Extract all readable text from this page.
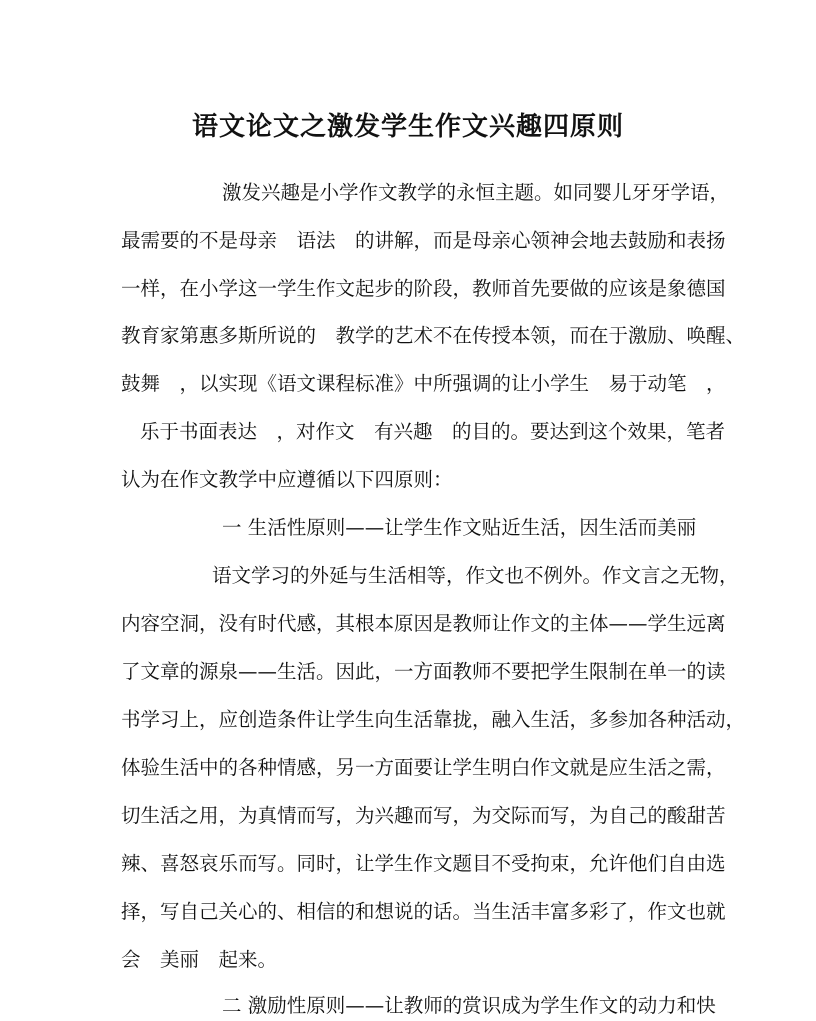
语文论文之激发学生作文兴趣四原则
激发兴趣是小学作文教学的永恒主题。如同婴儿牙牙学语，
最需要的不是母亲　语法　的讲解，而是母亲心领神会地去鼓励和表扬
一样，在小学这一学生作文起步的阶段，教师首先要做的应该是象德国
教育家第惠多斯所说的　教学的艺术不在传授本领，而在于激励、唤醒、
鼓舞　，以实现《语文课程标准》中所强调的让小学生　易于动笔　，
乐于书面表达　，对作文　有兴趣　的目的。要达到这个效果，笔者
认为在作文教学中应遵循以下四原则：
一 生活性原则——让学生作文贴近生活，因生活而美丽
语文学习的外延与生活相等，作文也不例外。作文言之无物，
内容空洞，没有时代感，其根本原因是教师让作文的主体——学生远离
了文章的源泉——生活。因此，一方面教师不要把学生限制在单一的读
书学习上，应创造条件让学生向生活靠拢，融入生活，多参加各种活动，
体验生活中的各种情感，另一方面要让学生明白作文就是应生活之需，
切生活之用，为真情而写，为兴趣而写，为交际而写，为自己的酸甜苦
辣、喜怒哀乐而写。同时，让学生作文题目不受拘束，允许他们自由选
择，写自己关心的、相信的和想说的话。当生活丰富多彩了，作文也就
会　美丽　起来。
二 激励性原则——让教师的赏识成为学生作文的动力和快
